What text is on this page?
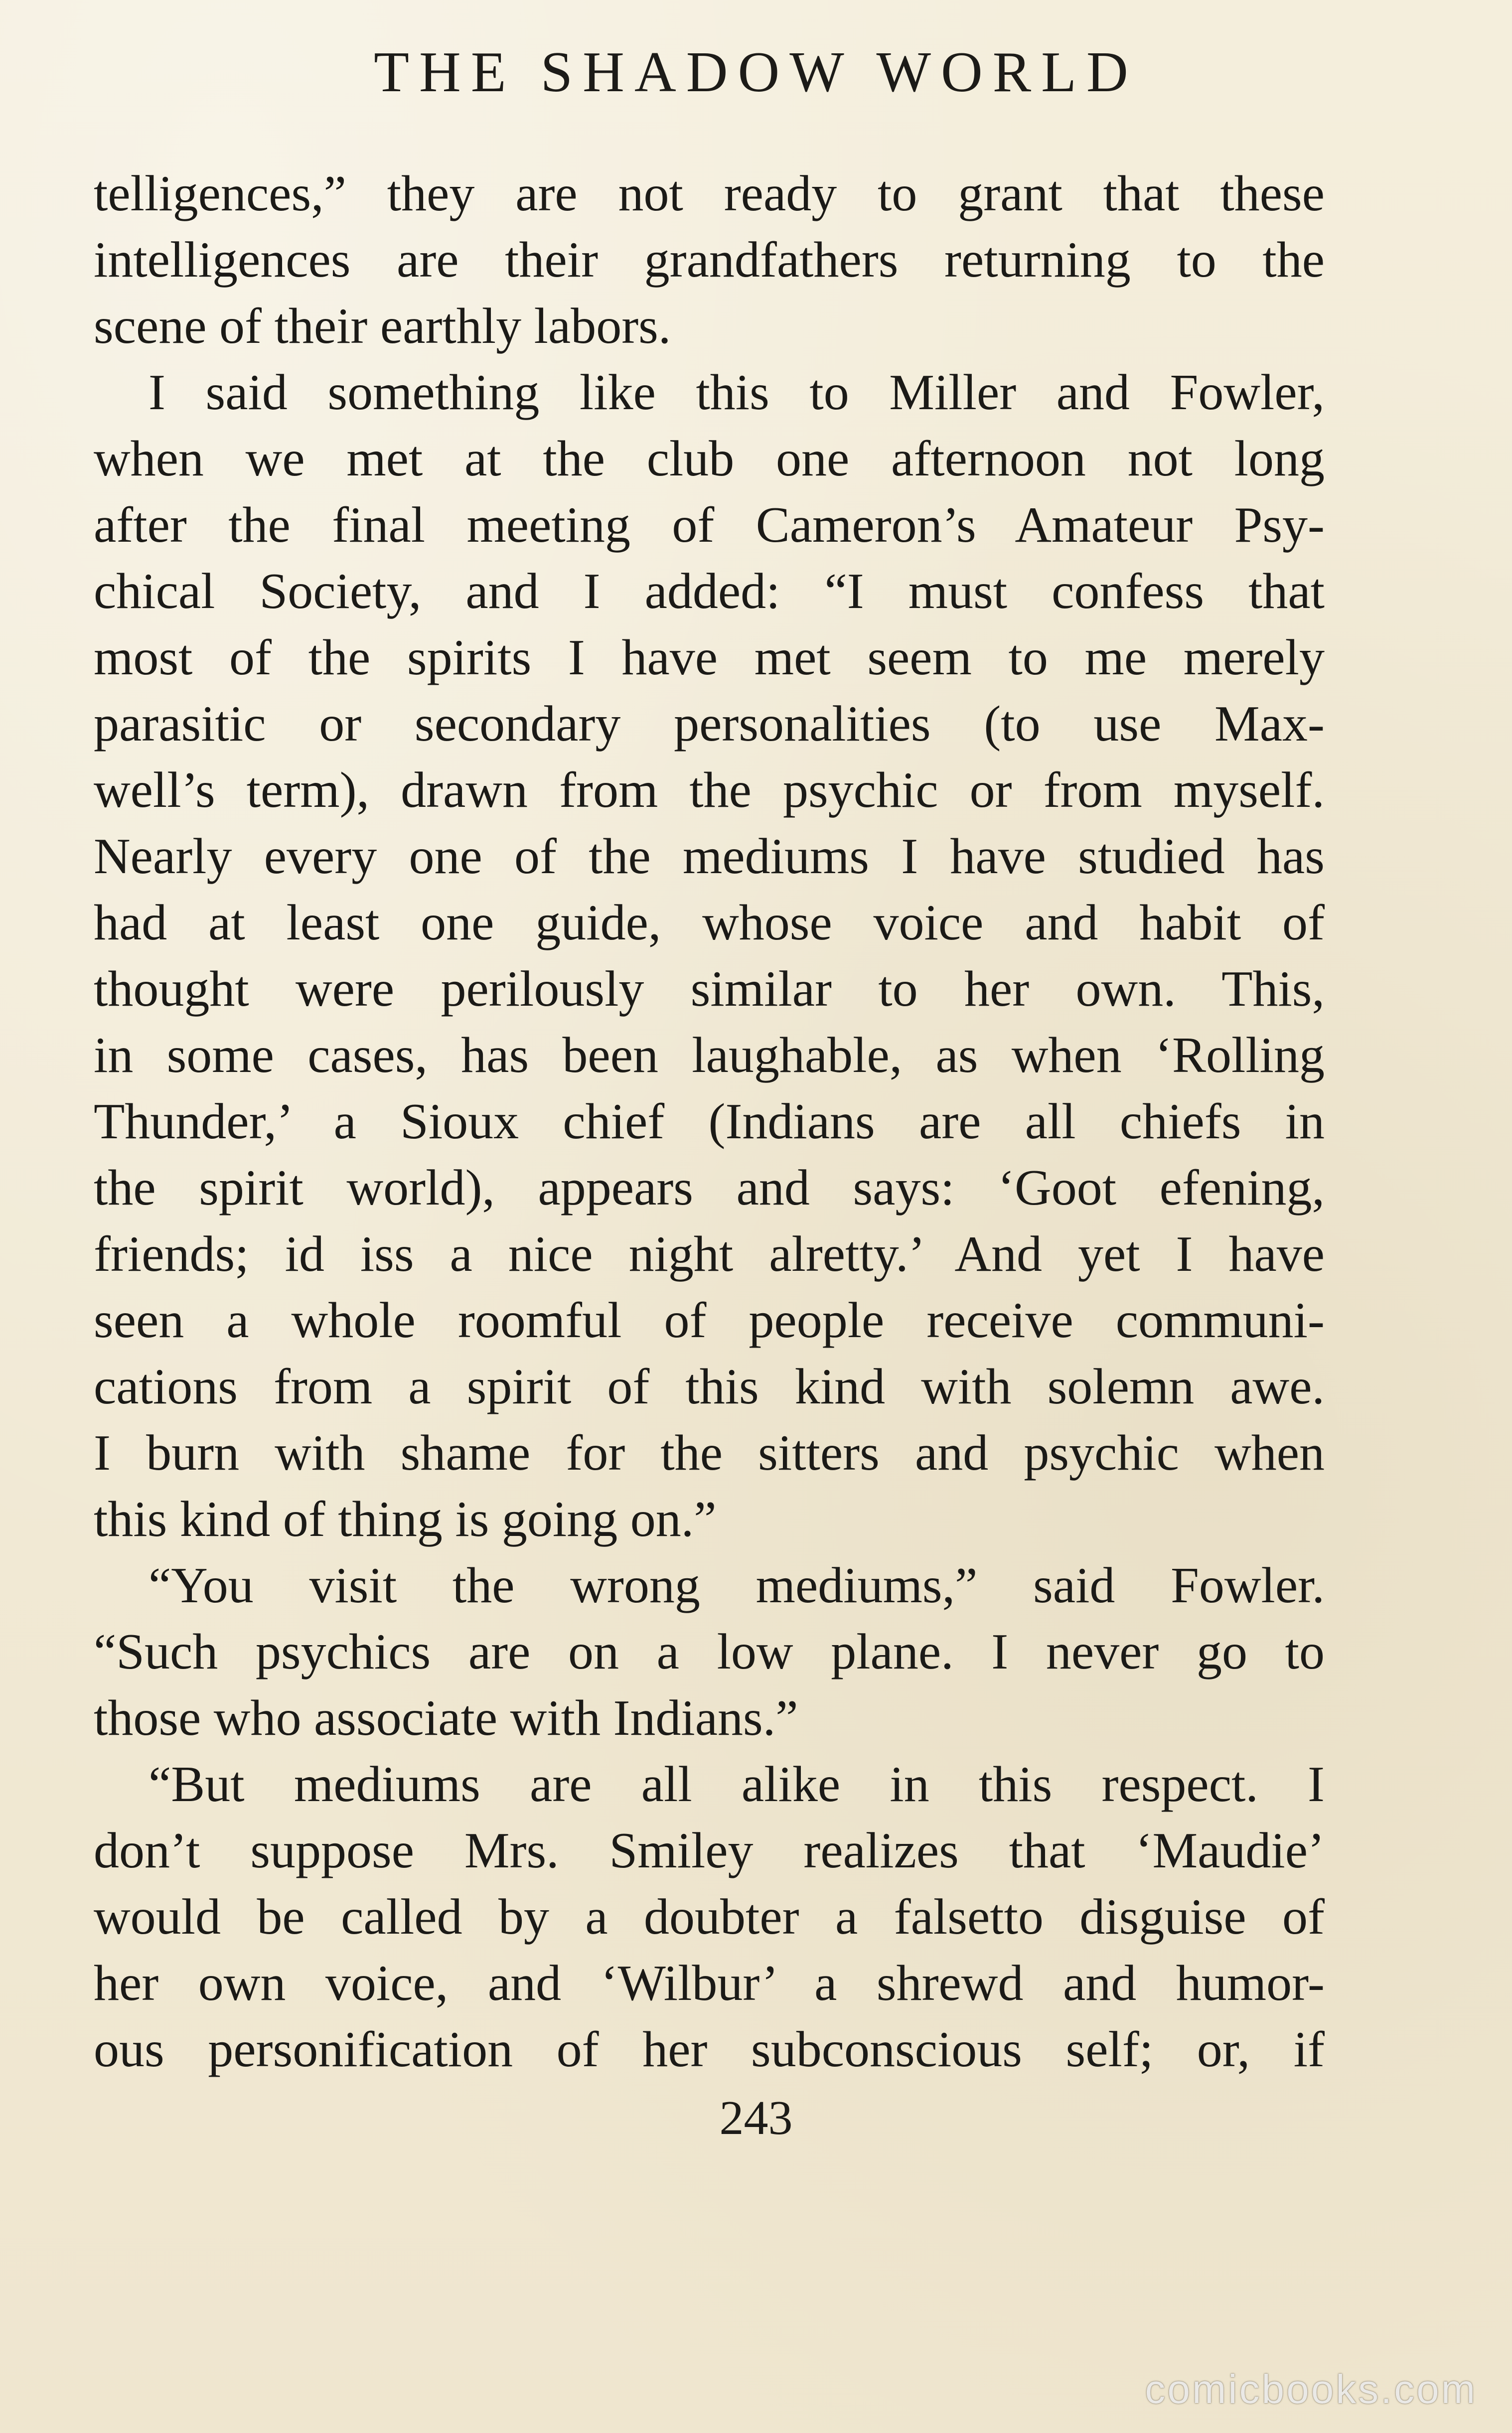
THE SHADOW WORLD
telligences,” they are not ready to grant that these
intelligences are their grandfathers returning to the
scene of their earthly labors.
I said something like this to Miller and Fowler,
when we met at the club one afternoon not long
after the final meeting of Cameron’s Amateur Psy-
chical Society, and I added: “I must confess that
most of the spirits I have met seem to me merely
parasitic or secondary personalities (to use Max-
well’s term), drawn from the psychic or from myself.
Nearly every one of the mediums I have studied has
had at least one guide, whose voice and habit of
thought were perilously similar to her own. This,
in some cases, has been laughable, as when ‘Rolling
Thunder,’ a Sioux chief (Indians are all chiefs in
the spirit world), appears and says: ‘Goot efening,
friends; id iss a nice night alretty.’ And yet I have
seen a whole roomful of people receive communi-
cations from a spirit of this kind with solemn awe.
I burn with shame for the sitters and psychic when
this kind of thing is going on.”
“You visit the wrong mediums,” said Fowler.
“Such psychics are on a low plane. I never go to
those who associate with Indians.”
“But mediums are all alike in this respect. I
don’t suppose Mrs. Smiley realizes that ‘Maudie’
would be called by a doubter a falsetto disguise of
her own voice, and ‘Wilbur’ a shrewd and humor-
ous personification of her subconscious self; or, if
243
comicbooks.com
